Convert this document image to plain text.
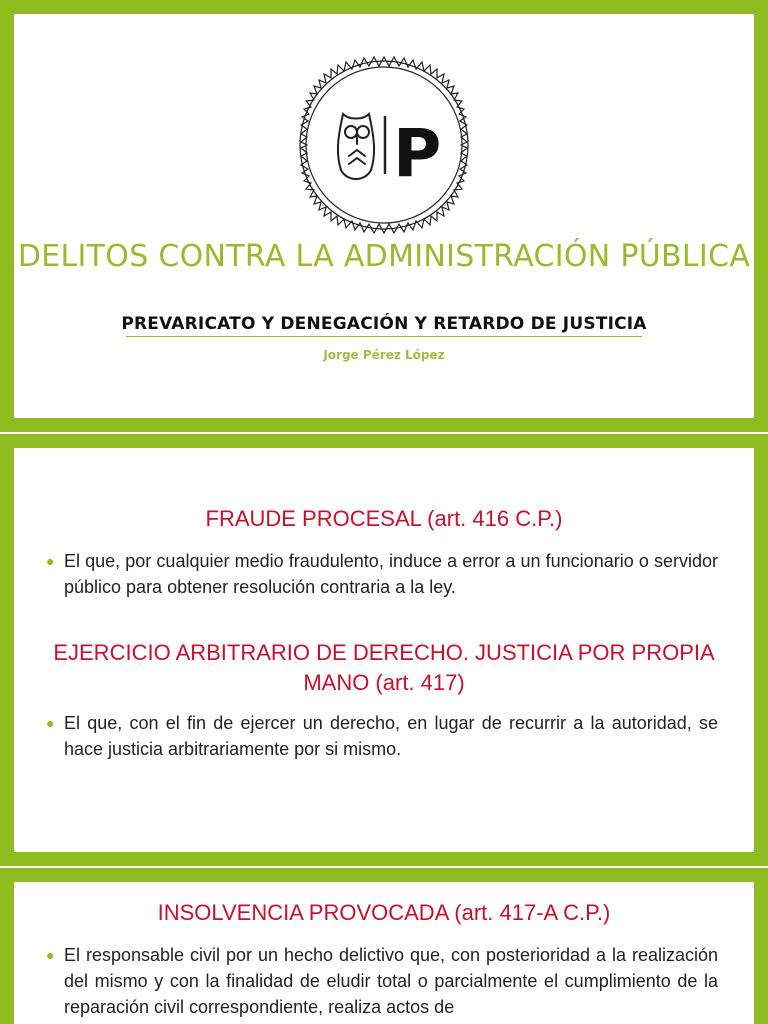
P
DELITOS CONTRA LA ADMINISTRACIÓN PÚBLICA
PREVARICATO Y DENEGACIÓN Y RETARDO DE JUSTICIA
Jorge Pérez López
FRAUDE PROCESAL (art. 416 C.P.)
● El que, por cualquier medio fraudulento, induce a error a un funcionario o servidor público para obtener resolución contraria a la ley.
EJERCICIO ARBITRARIO DE DERECHO. JUSTICIA POR PROPIA MANO (art. 417)
● El que, con el fin de ejercer un derecho, en lugar de recurrir a la autoridad, se hace justicia arbitrariamente por si mismo.
INSOLVENCIA PROVOCADA (art. 417-A C.P.)
● El responsable civil por un hecho delictivo que, con posterioridad a la realización del mismo y con la finalidad de eludir total o parcialmente el cumplimiento de la reparación civil correspondiente, realiza actos de
